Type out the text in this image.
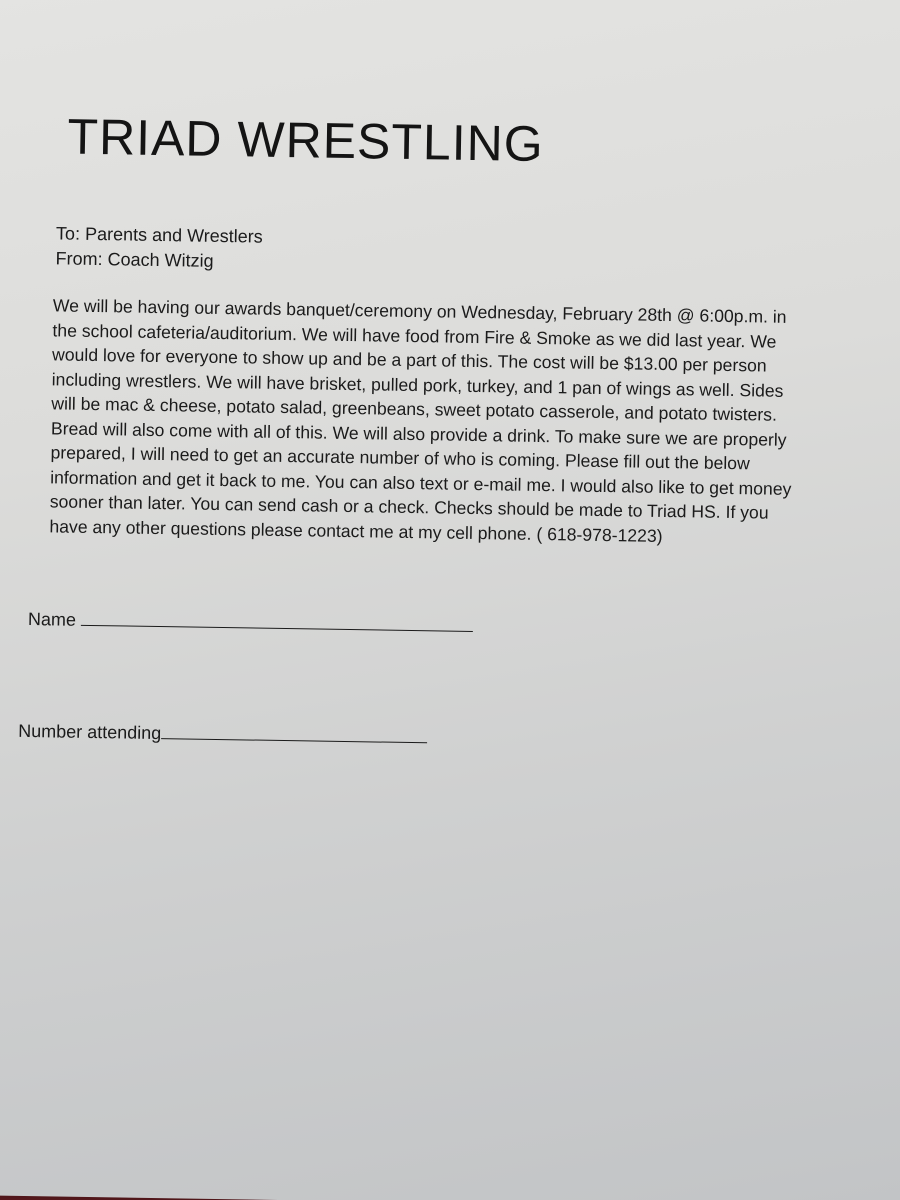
TRIAD WRESTLING
To: Parents and Wrestlers
From: Coach Witzig

We will be having our awards banquet/ceremony on Wednesday, February 28th @ 6:00p.m. in
the school cafeteria/auditorium. We will have food from Fire & Smoke as we did last year. We
would love for everyone to show up and be a part of this. The cost will be $13.00 per person
including wrestlers. We will have brisket, pulled pork, turkey, and 1 pan of wings as well. Sides
will be mac & cheese, potato salad, greenbeans, sweet potato casserole, and potato twisters.
Bread will also come with all of this. We will also provide a drink. To make sure we are properly
prepared, I will need to get an accurate number of who is coming. Please fill out the below
information and get it back to me. You can also text or e-mail me. I would also like to get money
sooner than later. You can send cash or a check. Checks should be made to Triad HS. If you
have any other questions please contact me at my cell phone. ( 618-978-1223)

Name
Number attending
